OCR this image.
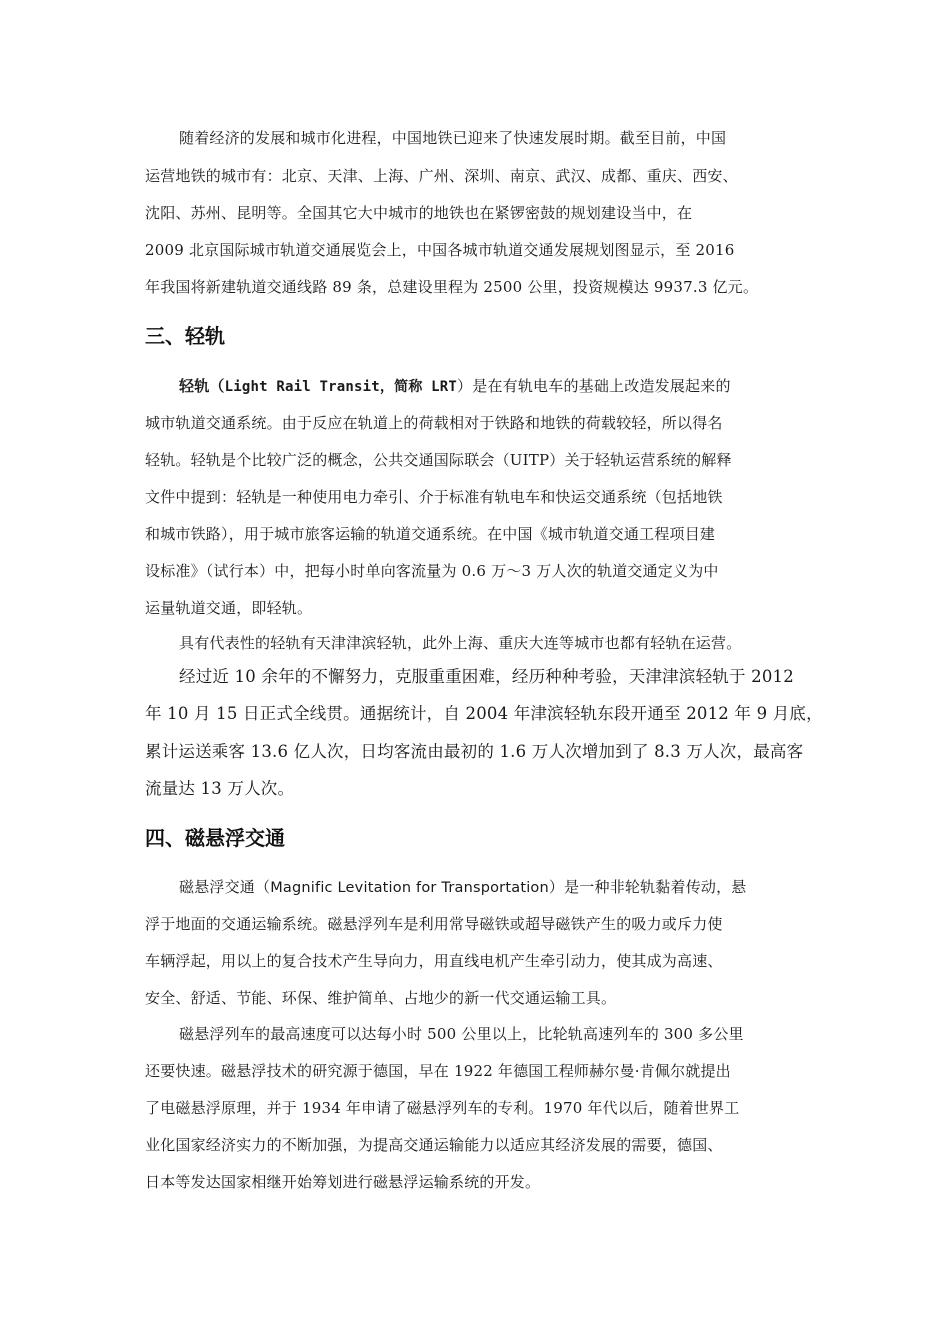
随着经济的发展和城市化进程，中国地铁已迎来了快速发展时期。截至目前，中国
运营地铁的城市有：北京、天津、上海、广州、深圳、南京、武汉、成都、重庆、西安、
沈阳、苏州、昆明等。全国其它大中城市的地铁也在紧锣密鼓的规划建设当中，在
2009 北京国际城市轨道交通展览会上，中国各城市轨道交通发展规划图显示，至 2016
年我国将新建轨道交通线路 89 条，总建设里程为 2500 公里，投资规模达 9937.3 亿元。
三、轻轨
轻轨（Light Rail Transit，简称 LRT）是在有轨电车的基础上改造发展起来的
城市轨道交通系统。由于反应在轨道上的荷载相对于铁路和地铁的荷载较轻，所以得名
轻轨。轻轨是个比较广泛的概念，公共交通国际联会（UITP）关于轻轨运营系统的解释
文件中提到：轻轨是一种使用电力牵引、介于标准有轨电车和快运交通系统（包括地铁
和城市铁路），用于城市旅客运输的轨道交通系统。在中国《城市轨道交通工程项目建
设标准》（试行本）中，把每小时单向客流量为 0.6 万～3 万人次的轨道交通定义为中
运量轨道交通，即轻轨。
具有代表性的轻轨有天津津滨轻轨，此外上海、重庆大连等城市也都有轻轨在运营。
经过近 10 余年的不懈努力，克服重重困难，经历种种考验，天津津滨轻轨于 2012
年 10 月 15 日正式全线贯。通据统计，自 2004 年津滨轻轨东段开通至 2012 年 9 月底，
累计运送乘客 13.6 亿人次，日均客流由最初的 1.6 万人次增加到了 8.3 万人次，最高客
流量达 13 万人次。
四、磁悬浮交通
磁悬浮交通（Magnific Levitation for Transportation）是一种非轮轨黏着传动，悬
浮于地面的交通运输系统。磁悬浮列车是利用常导磁铁或超导磁铁产生的吸力或斥力使
车辆浮起，用以上的复合技术产生导向力，用直线电机产生牵引动力，使其成为高速、
安全、舒适、节能、环保、维护简单、占地少的新一代交通运输工具。
磁悬浮列车的最高速度可以达每小时 500 公里以上，比轮轨高速列车的 300 多公里
还要快速。磁悬浮技术的研究源于德国，早在 1922 年德国工程师赫尔曼·肯佩尔就提出
了电磁悬浮原理，并于 1934 年申请了磁悬浮列车的专利。1970 年代以后，随着世界工
业化国家经济实力的不断加强，为提高交通运输能力以适应其经济发展的需要，德国、
日本等发达国家相继开始筹划进行磁悬浮运输系统的开发。
